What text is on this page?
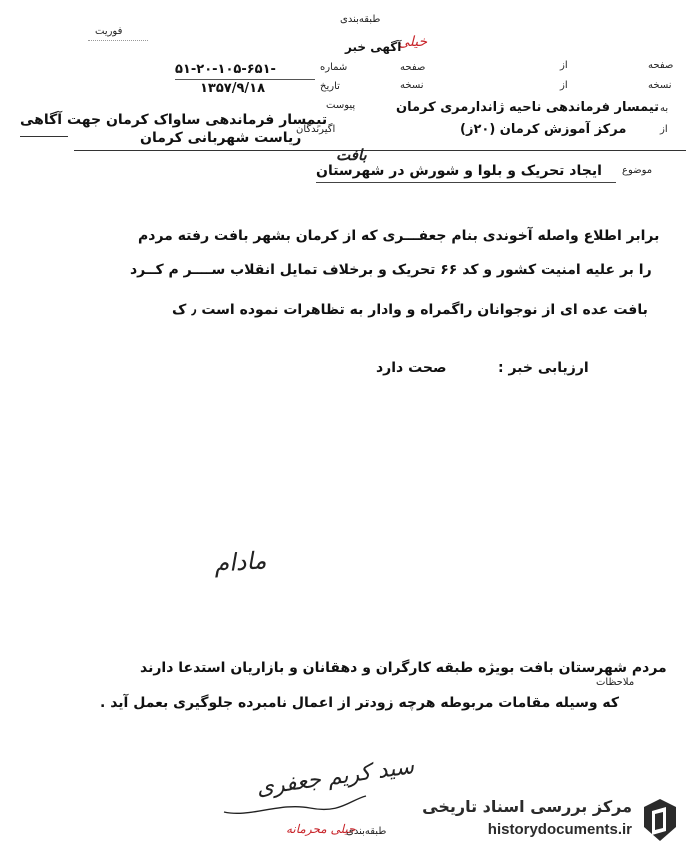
طبقه‌بندی
خیلی
آگهی خبر
فوریت
صفحه
نسخه
به
از
از
از
صفحه
نسخه
شماره
تاریخ
پیوست
اگیرندگان
۵۱-۲۰-۱۰۵-۶۵۱-
۱۳۵۷/۹/۱۸
تیمسار فرماندهی ناحیه ژاندارمری کرمان
مرکز آموزش کرمان (۲۰ز)
تیمسار فرماندهی ساواک کرمان جهت آگاهی
ریاست شهربانی کرمان
موضوع
ایجاد تحریک و بلوا و شورش در شهرستان
بافت
برابر اطلاع واصله آخوندی بنام جعفـــری که از کرمان بشهر بافت رفته مردم
را بر علیه امنیت کشور و کد ۶۶ تحریک و برخلاف تمایل انقلاب ســــر م کــرد
بافت عده ای از نوجوانان راگمراه و وادار به تظاهرات نموده است ٫ ک
ارزیابی خبر :
صحت دارد
مادام
ملاحظات
مردم شهرستان بافت بویژه طبقه کارگران و دهقانان و بازاریان استدعا دارند
که وسیله مقامات مربوطه هرچه زودتر از اعمال نامبرده جلوگیری بعمل آید .
سید کریم جعفری
حیلی محرمانه
طبقه‌بندی
مرکز بررسی اسناد تاریخی
historydocuments.ir
